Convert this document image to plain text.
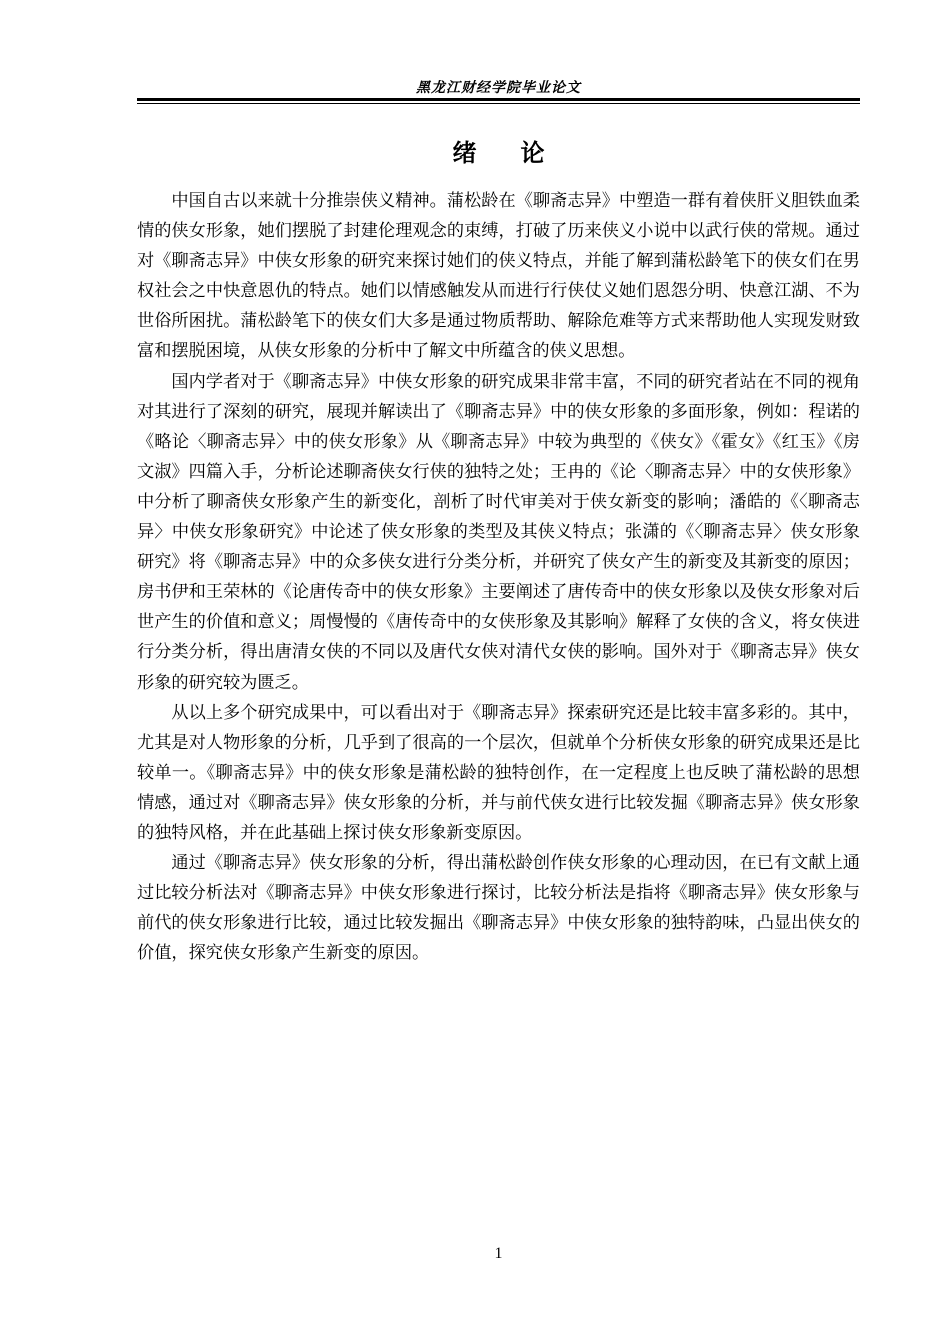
黑龙江财经学院毕业论文
绪论

中国自古以来就十分推崇侠义精神。蒲松龄在《聊斋志异》中塑造一群有着侠肝义胆铁血柔情的侠女形象，她们摆脱了封建伦理观念的束缚，打破了历来侠义小说中以武行侠的常规。通过对《聊斋志异》中侠女形象的研究来探讨她们的侠义特点，并能了解到蒲松龄笔下的侠女们在男权社会之中快意恩仇的特点。她们以情感触发从而进行行侠仗义她们恩怨分明、快意江湖、不为世俗所困扰。蒲松龄笔下的侠女们大多是通过物质帮助、解除危难等方式来帮助他人实现发财致富和摆脱困境，从侠女形象的分析中了解文中所蕴含的侠义思想。

国内学者对于《聊斋志异》中侠女形象的研究成果非常丰富，不同的研究者站在不同的视角对其进行了深刻的研究，展现并解读出了《聊斋志异》中的侠女形象的多面形象，例如：程诺的《略论〈聊斋志异〉中的侠女形象》从《聊斋志异》中较为典型的《侠女》《霍女》《红玉》《房文淑》四篇入手，分析论述聊斋侠女行侠的独特之处；王冉的《论〈聊斋志异〉中的女侠形象》中分析了聊斋侠女形象产生的新变化，剖析了时代审美对于侠女新变的影响；潘皓的《〈聊斋志异〉中侠女形象研究》中论述了侠女形象的类型及其侠义特点；张潇的《〈聊斋志异〉侠女形象研究》将《聊斋志异》中的众多侠女进行分类分析，并研究了侠女产生的新变及其新变的原因；房书伊和王荣林的《论唐传奇中的侠女形象》主要阐述了唐传奇中的侠女形象以及侠女形象对后世产生的价值和意义；周慢慢的《唐传奇中的女侠形象及其影响》解释了女侠的含义，将女侠进行分类分析，得出唐清女侠的不同以及唐代女侠对清代女侠的影响。国外对于《聊斋志异》侠女形象的研究较为匮乏。

从以上多个研究成果中，可以看出对于《聊斋志异》探索研究还是比较丰富多彩的。其中，尤其是对人物形象的分析，几乎到了很高的一个层次，但就单个分析侠女形象的研究成果还是比较单一。《聊斋志异》中的侠女形象是蒲松龄的独特创作，在一定程度上也反映了蒲松龄的思想情感，通过对《聊斋志异》侠女形象的分析，并与前代侠女进行比较发掘《聊斋志异》侠女形象的独特风格，并在此基础上探讨侠女形象新变原因。

通过《聊斋志异》侠女形象的分析，得出蒲松龄创作侠女形象的心理动因，在已有文献上通过比较分析法对《聊斋志异》中侠女形象进行探讨，比较分析法是指将《聊斋志异》侠女形象与前代的侠女形象进行比较，通过比较发掘出《聊斋志异》中侠女形象的独特韵味，凸显出侠女的价值，探究侠女形象产生新变的原因。

1
